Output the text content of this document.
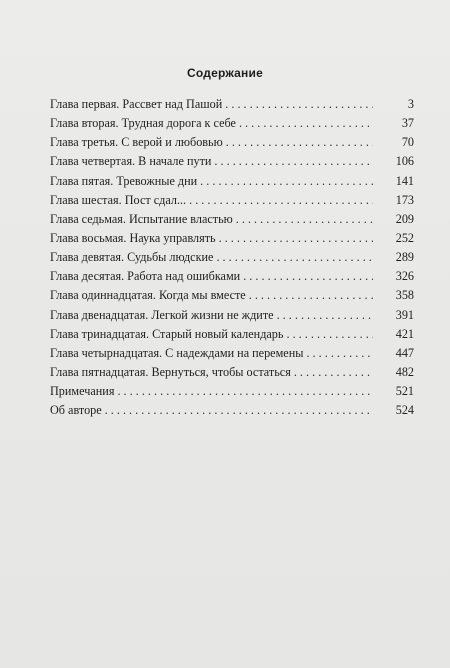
Содержание
Глава первая. Рассвет над Пашой . . .	3
Глава вторая. Трудная дорога к себе . . .	37
Глава третья. С верой и любовью . . .	70
Глава четвертая. В начале пути . . .	106
Глава пятая. Тревожные дни . . .	141
Глава шестая. Пост сдал... . . .	173
Глава седьмая. Испытание властью . . .	209
Глава восьмая. Наука управлять . . .	252
Глава девятая. Судьбы людские . . .	289
Глава десятая. Работа над ошибками . . .	326
Глава одиннадцатая. Когда мы вместе . . .	358
Глава двенадцатая. Легкой жизни не ждите . . .	391
Глава тринадцатая. Старый новый календарь . . .	421
Глава четырнадцатая. С надеждами на перемены . . .	447
Глава пятнадцатая. Вернуться, чтобы остаться . . .	482
Примечания . . .	521
Об авторе . . .	524
